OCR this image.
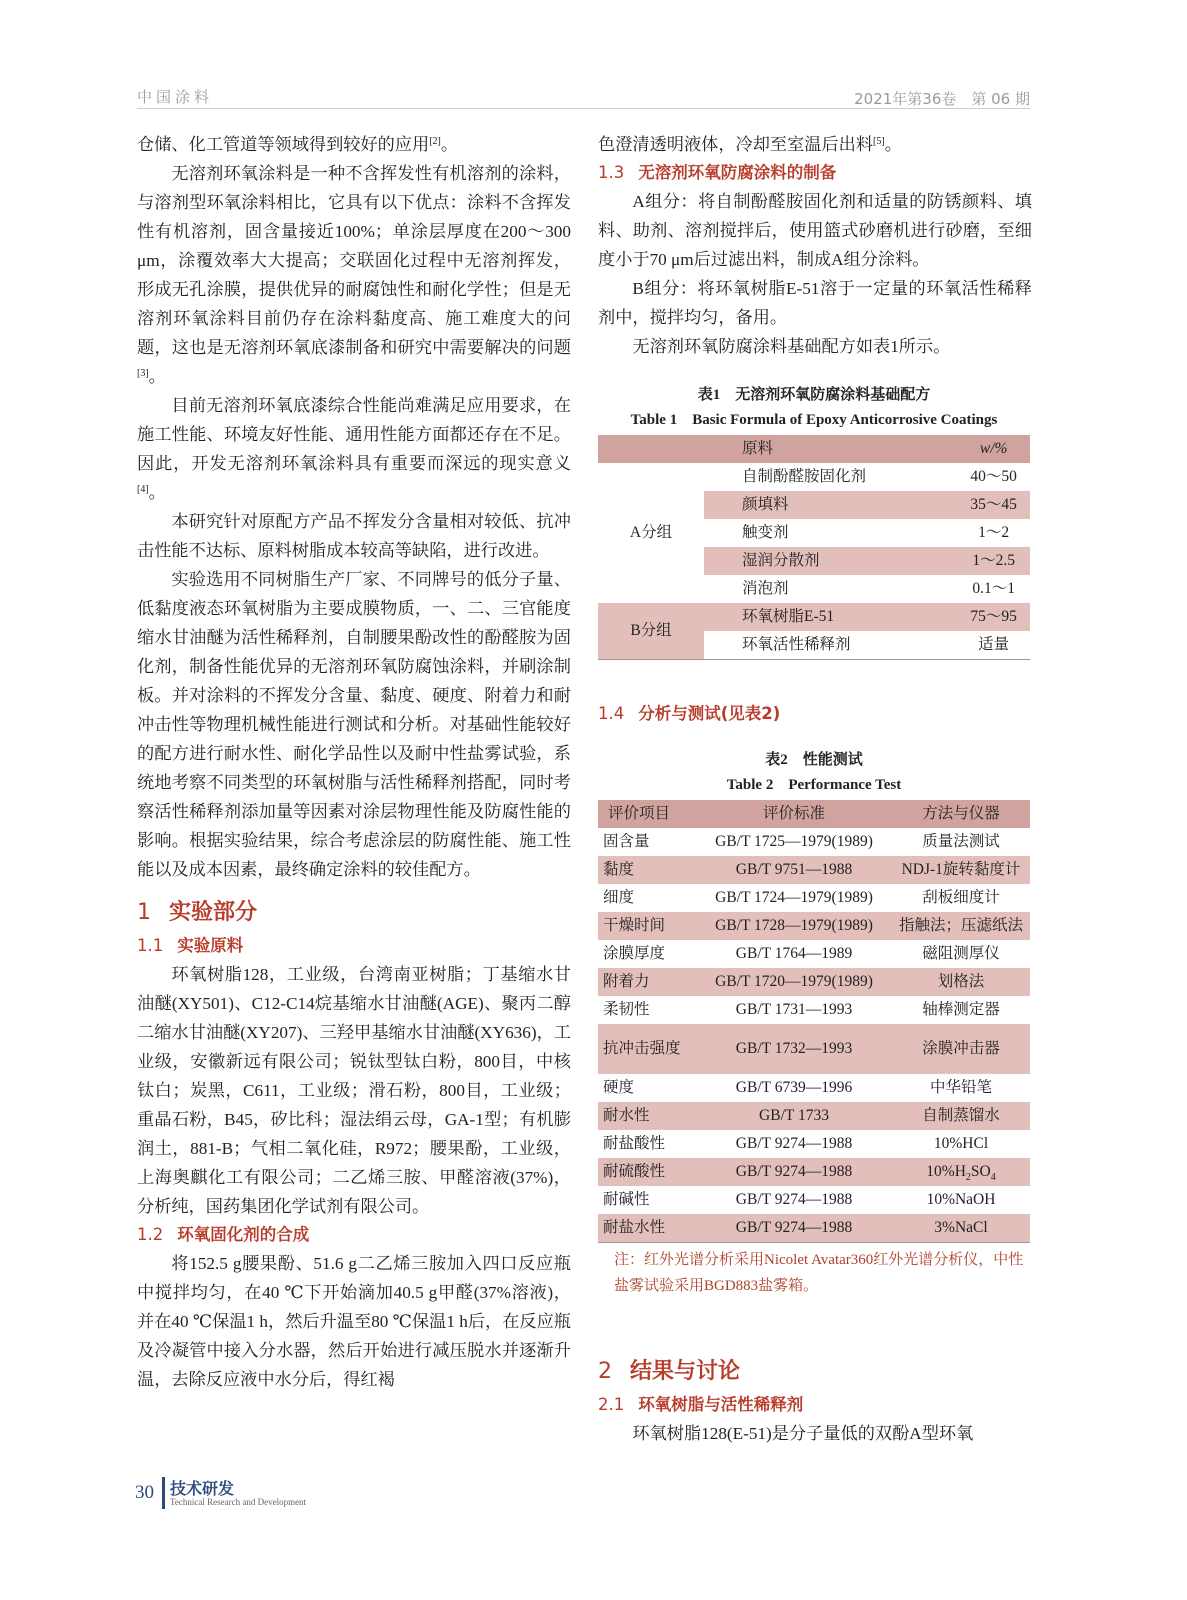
中国涂料	2021年第36卷　第 06 期

仓储、化工管道等领域得到较好的应用[2]。

无溶剂环氧涂料是一种不含挥发性有机溶剂的涂料，与溶剂型环氧涂料相比，它具有以下优点：涂料不含挥发性有机溶剂，固含量接近100%；单涂层厚度在200～300 μm，涂覆效率大大提高；交联固化过程中无溶剂挥发，形成无孔涂膜，提供优异的耐腐蚀性和耐化学性；但是无溶剂环氧涂料目前仍存在涂料黏度高、施工难度大的问题，这也是无溶剂环氧底漆制备和研究中需要解决的问题[3]。

目前无溶剂环氧底漆综合性能尚难满足应用要求，在施工性能、环境友好性能、通用性能方面都还存在不足。因此，开发无溶剂环氧涂料具有重要而深远的现实意义[4]。

本研究针对原配方产品不挥发分含量相对较低、抗冲击性能不达标、原料树脂成本较高等缺陷，进行改进。

实验选用不同树脂生产厂家、不同牌号的低分子量、低黏度液态环氧树脂为主要成膜物质，一、二、三官能度缩水甘油醚为活性稀释剂，自制腰果酚改性的酚醛胺为固化剂，制备性能优异的无溶剂环氧防腐蚀涂料，并刷涂制板。并对涂料的不挥发分含量、黏度、硬度、附着力和耐冲击性等物理机械性能进行测试和分析。对基础性能较好的配方进行耐水性、耐化学品性以及耐中性盐雾试验，系统地考察不同类型的环氧树脂与活性稀释剂搭配，同时考察活性稀释剂添加量等因素对涂层物理性能及防腐性能的影响。根据实验结果，综合考虑涂层的防腐性能、施工性能以及成本因素，最终确定涂料的较佳配方。

1 实验部分
1.1 实验原料

环氧树脂128，工业级，台湾南亚树脂；丁基缩水甘油醚(XY501)、C12-C14烷基缩水甘油醚(AGE)、聚丙二醇二缩水甘油醚(XY207)、三羟甲基缩水甘油醚(XY636)，工业级，安徽新远有限公司；锐钛型钛白粉，800目，中核钛白；炭黑，C611，工业级；滑石粉，800目，工业级；重晶石粉，B45，矽比科；湿法绢云母，GA-1型；有机膨润土，881-B；气相二氧化硅，R972；腰果酚，工业级，上海奥麒化工有限公司；二乙烯三胺、甲醛溶液(37%)，分析纯，国药集团化学试剂有限公司。

1.2 环氧固化剂的合成

将152.5 g腰果酚、51.6 g二乙烯三胺加入四口反应瓶中搅拌均匀，在40 ℃下开始滴加40.5 g甲醛(37%溶液)，并在40 ℃保温1 h，然后升温至80 ℃保温1 h后，在反应瓶及冷凝管中接入分水器，然后开始进行减压脱水并逐渐升温，去除反应液中水分后，得红褐

色澄清透明液体，冷却至室温后出料[5]。

1.3 无溶剂环氧防腐涂料的制备

A组分：将自制酚醛胺固化剂和适量的防锈颜料、填料、助剂、溶剂搅拌后，使用篮式砂磨机进行砂磨，至细度小于70 μm后过滤出料，制成A组分涂料。

B组分：将环氧树脂E-51溶于一定量的环氧活性稀释剂中，搅拌均匀，备用。

无溶剂环氧防腐涂料基础配方如表1所示。

表1　无溶剂环氧防腐涂料基础配方
Table 1　Basic Formula of Epoxy Anticorrosive Coatings
	原料	w/%
A分组	自制酚醛胺固化剂	40～50
	颜填料	35～45
	触变剂	1～2
	湿润分散剂	1～2.5
	消泡剂	0.1～1
B分组	环氧树脂E-51	75～95
	环氧活性稀释剂	适量
1.4 分析与测试(见表2)
表2　性能测试
Table 2　Performance Test
评价项目	评价标准	方法与仪器
固含量	GB/T 1725—1979(1989)	质量法测试
黏度	GB/T 9751—1988	NDJ-1旋转黏度计
细度	GB/T 1724—1979(1989)	刮板细度计
干燥时间	GB/T 1728—1979(1989)	指触法；压滤纸法
涂膜厚度	GB/T 1764—1989	磁阻测厚仪
附着力	GB/T 1720—1979(1989)	划格法
柔韧性	GB/T 1731—1993	轴棒测定器
抗冲击强度	GB/T 1732—1993	涂膜冲击器
硬度	GB/T 6739—1996	中华铅笔
耐水性	GB/T 1733	自制蒸馏水
耐盐酸性	GB/T 9274—1988	10%HCl
耐硫酸性	GB/T 9274—1988	$10\%H_2SO_4$
耐碱性	GB/T 9274—1988	10%NaOH
耐盐水性	GB/T 9274—1988	3%NaCl
注：红外光谱分析采用Nicolet Avatar360红外光谱分析仪，中性盐雾试验采用BGD883盐雾箱。
2 结果与讨论
2.1 环氧树脂与活性稀释剂

环氧树脂128(E-51)是分子量低的双酚A型环氧

30 技术研发
Technical Research and Development
